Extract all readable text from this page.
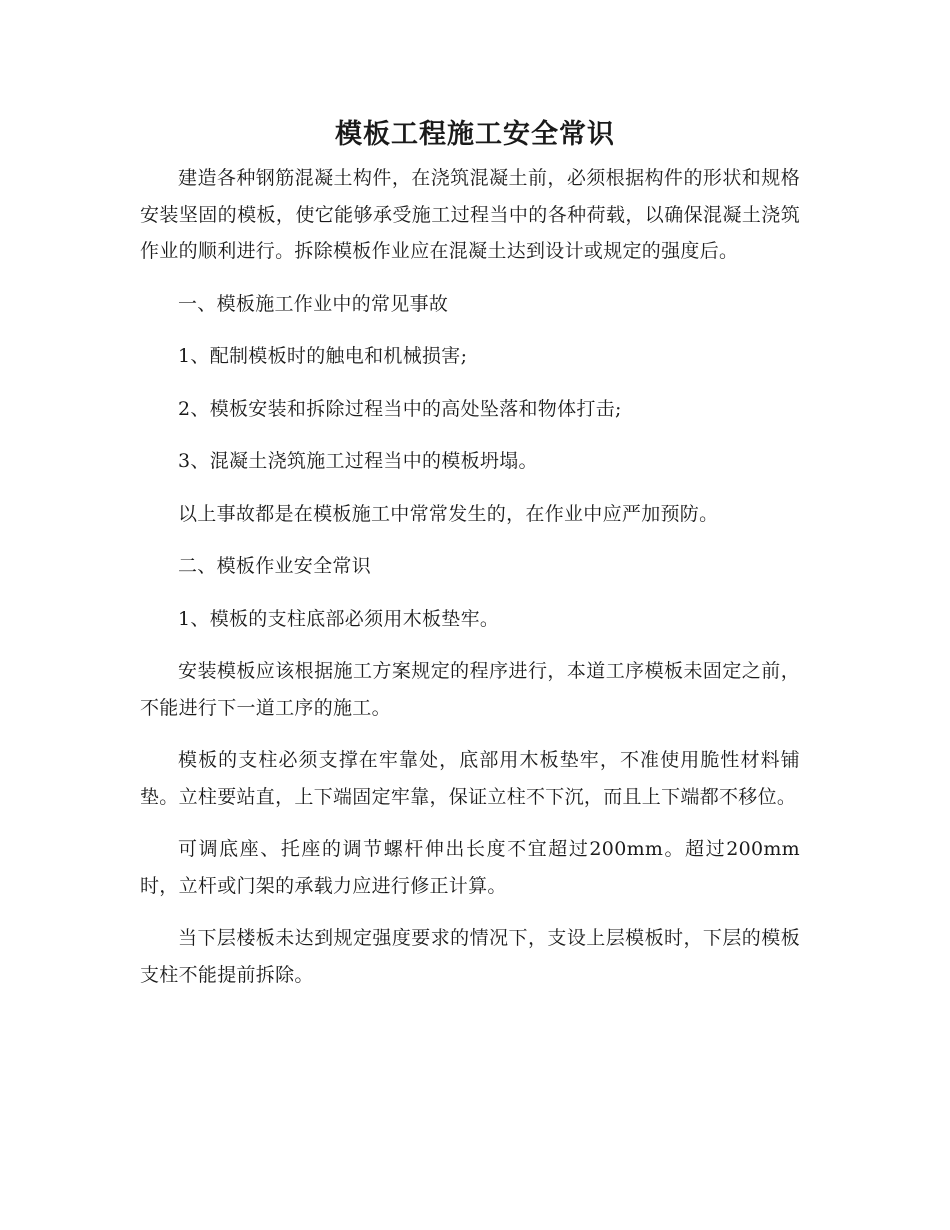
模板工程施工安全常识

建造各种钢筋混凝土构件，在浇筑混凝土前，必须根据构件的形状和规格安装坚固的模板，使它能够承受施工过程当中的各种荷载，以确保混凝土浇筑作业的顺利进行。拆除模板作业应在混凝土达到设计或规定的强度后。

一、模板施工作业中的常见事故

1、配制模板时的触电和机械损害;

2、模板安装和拆除过程当中的高处坠落和物体打击;

3、混凝土浇筑施工过程当中的模板坍塌。

以上事故都是在模板施工中常常发生的，在作业中应严加预防。

二、模板作业安全常识

1、模板的支柱底部必须用木板垫牢。

安装模板应该根据施工方案规定的程序进行，本道工序模板未固定之前，不能进行下一道工序的施工。

模板的支柱必须支撑在牢靠处，底部用木板垫牢，不准使用脆性材料铺垫。立柱要站直，上下端固定牢靠，保证立柱不下沉，而且上下端都不移位。

可调底座、托座的调节螺杆伸出长度不宜超过200mm。超过200mm时，立杆或门架的承载力应进行修正计算。

当下层楼板未达到规定强度要求的情况下，支设上层模板时，下层的模板支柱不能提前拆除。
